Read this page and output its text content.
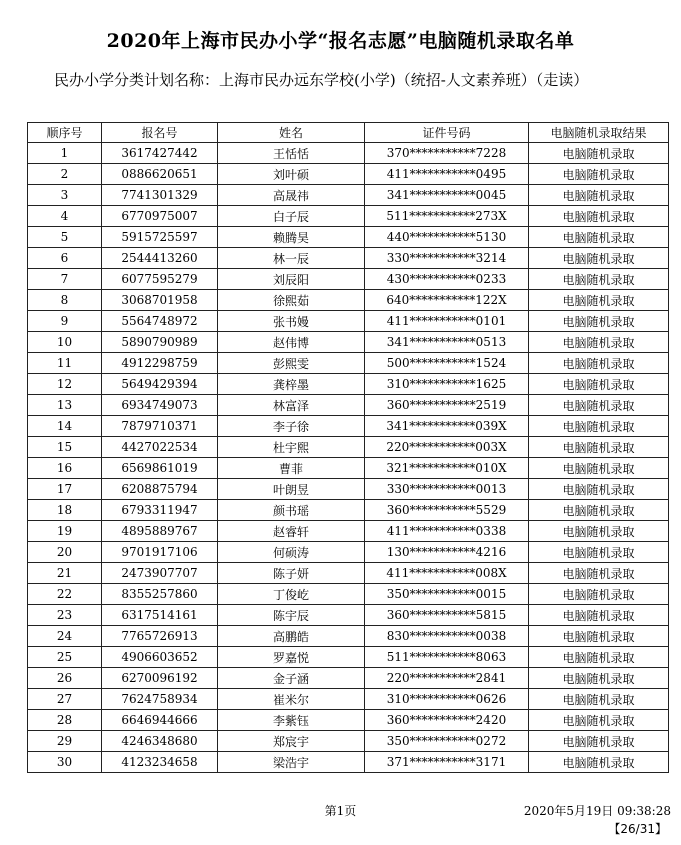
2020年上海市民办小学“报名志愿”电脑随机录取名单
民办小学分类计划名称：上海市民办远东学校(小学)（统招-人文素养班）（走读）
顺序号	报名号	姓名	证件号码	电脑随机录取结果
1	3617427442	王恬恬	370***********7228	电脑随机录取
2	0886620651	刘叶硕	411***********0495	电脑随机录取
3	7741301329	高晟祎	341***********0045	电脑随机录取
4	6770975007	白子辰	511***********273X	电脑随机录取
5	5915725597	赖腾昊	440***********5130	电脑随机录取
6	2544413260	林一辰	330***********3214	电脑随机录取
7	6077595279	刘辰阳	430***********0233	电脑随机录取
8	3068701958	徐熙茹	640***********122X	电脑随机录取
9	5564748972	张书嫚	411***********0101	电脑随机录取
10	5890790989	赵伟博	341***********0513	电脑随机录取
11	4912298759	彭熙雯	500***********1524	电脑随机录取
12	5649429394	龚梓墨	310***********1625	电脑随机录取
13	6934749073	林富泽	360***********2519	电脑随机录取
14	7879710371	李子徐	341***********039X	电脑随机录取
15	4427022534	杜宇熙	220***********003X	电脑随机录取
16	6569861019	曹菲	321***********010X	电脑随机录取
17	6208875794	叶朗昱	330***********0013	电脑随机录取
18	6793311947	颜书瑶	360***********5529	电脑随机录取
19	4895889767	赵睿轩	411***********0338	电脑随机录取
20	9701917106	何硕涛	130***********4216	电脑随机录取
21	2473907707	陈子妍	411***********008X	电脑随机录取
22	8355257860	丁俊屹	350***********0015	电脑随机录取
23	6317514161	陈宇辰	360***********5815	电脑随机录取
24	7765726913	高鹏皓	830***********0038	电脑随机录取
25	4906603652	罗嘉悦	511***********8063	电脑随机录取
26	6270096192	金子涵	220***********2841	电脑随机录取
27	7624758934	崔米尔	310***********0626	电脑随机录取
28	6646944666	李紫钰	360***********2420	电脑随机录取
29	4246348680	郑宸宇	350***********0272	电脑随机录取
30	4123234658	梁浩宇	371***********3171	电脑随机录取
第1页	2020年5月19日 09:38:28
【26/31】
